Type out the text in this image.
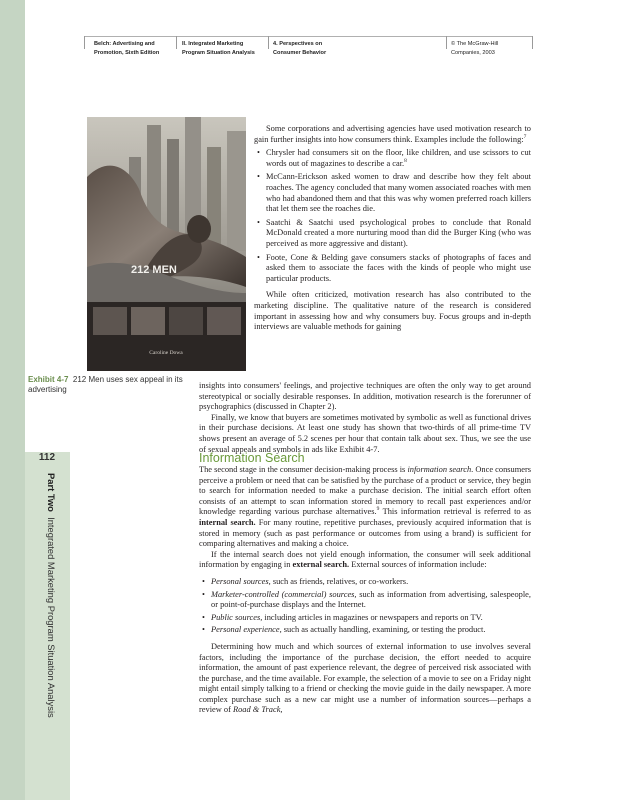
Belch: Advertising and
Promotion, Sixth Edition
II. Integrated Marketing
Program Situation Analysis
4. Perspectives on
Consumer Behavior
© The McGraw-Hill
Companies, 2003
112
Part Two  Integrated Marketing Program Situation Analysis
212 MEN
Caroline Dowa
Exhibit 4-7 212 Men uses sex appeal in its advertising
Some corporations and advertising agencies have used motivation research to gain further insights into how consumers think. Examples include the following:$^7$
• Chrysler had consumers sit on the floor, like children, and use scissors to cut words out of magazines to describe a car.$^8$
• McCann-Erickson asked women to draw and describe how they felt about roaches. The agency concluded that many women associated roaches with men who had abandoned them and that this was why women preferred roach killers that let them see the roaches die.
• Saatchi & Saatchi used psychological probes to conclude that Ronald McDonald created a more nurturing mood than did the Burger King (who was perceived as more aggressive and distant).
• Foote, Cone & Belding gave consumers stacks of photographs of faces and asked them to associate the faces with the kinds of people who might use particular products.
While often criticized, motivation research has also contributed to the marketing discipline. The qualitative nature of the research is considered important in assessing how and why consumers buy. Focus groups and in-depth interviews are valuable methods for gaining
insights into consumers' feelings, and projective techniques are often the only way to get around stereotypical or socially desirable responses. In addition, motivation research is the forerunner of psychographics (discussed in Chapter 2).
Finally, we know that buyers are sometimes motivated by symbolic as well as functional drives in their purchase decisions. At least one study has shown that two-thirds of all prime-time TV shows present an average of 5.2 scenes per hour that contain talk about sex. Thus, we see the use of sexual appeals and symbols in ads like Exhibit 4-7.
Information Search
The second stage in the consumer decision-making process is information search. Once consumers perceive a problem or need that can be satisfied by the purchase of a product or service, they begin to search for information needed to make a purchase decision. The initial search effort often consists of an attempt to scan information stored in memory to recall past experiences and/or knowledge regarding various purchase alternatives.$^9$ This information retrieval is referred to as internal search. For many routine, repetitive purchases, previously acquired information that is stored in memory (such as past performance or outcomes from using a brand) is sufficient for comparing alternatives and making a choice.
If the internal search does not yield enough information, the consumer will seek additional information by engaging in external search. External sources of information include:
• Personal sources, such as friends, relatives, or co-workers.
• Marketer-controlled (commercial) sources, such as information from advertising, salespeople, or point-of-purchase displays and the Internet.
• Public sources, including articles in magazines or newspapers and reports on TV.
• Personal experience, such as actually handling, examining, or testing the product.
Determining how much and which sources of external information to use involves several factors, including the importance of the purchase decision, the effort needed to acquire information, the amount of past experience relevant, the degree of perceived risk associated with the purchase, and the time available. For example, the selection of a movie to see on a Friday night might entail simply talking to a friend or checking the movie guide in the daily newspaper. A more complex purchase such as a new car might use a number of information sources—perhaps a review of Road & Track,
